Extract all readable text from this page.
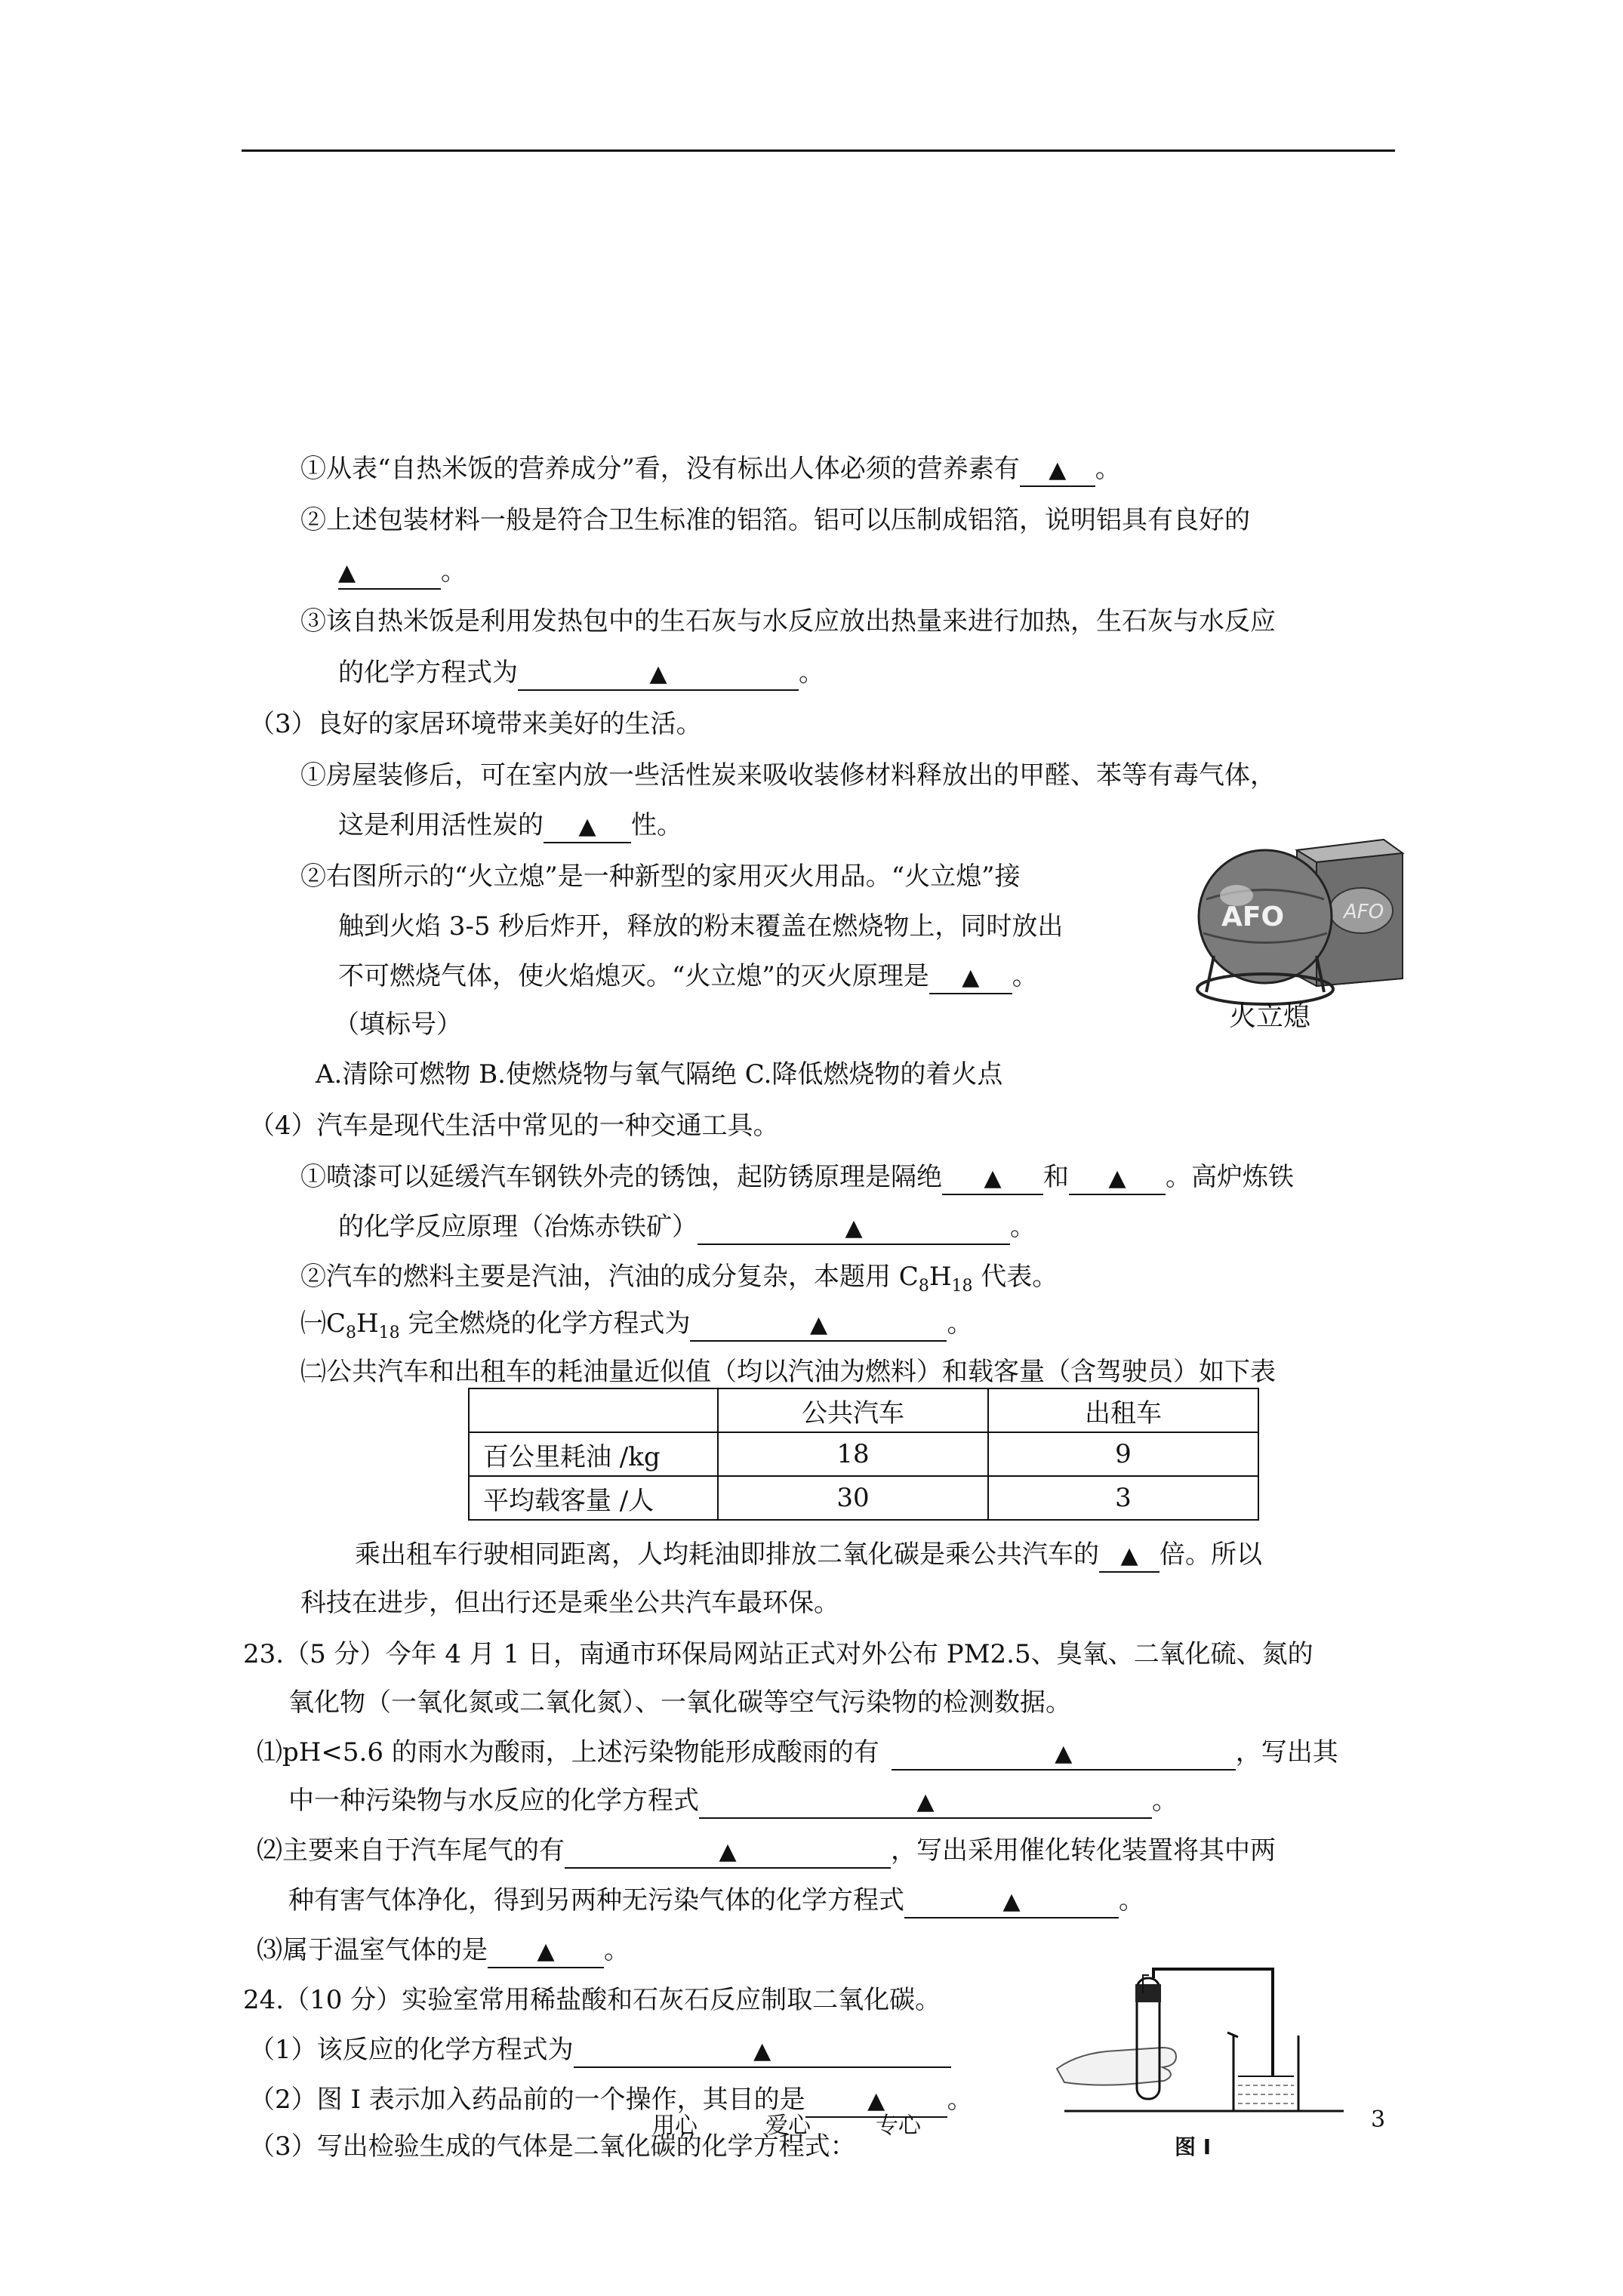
①从表“自热米饭的营养成分”看，没有标出人体必须的营养素有 ▲ 。
②上述包装材料一般是符合卫生标准的铝箔。铝可以压制成铝箔，说明铝具有良好的
▲	。
③该自热米饭是利用发热包中的生石灰与水反应放出热量来进行加热，生石灰与水反应
的化学方程式为	▲	。
（3）良好的家居环境带来美好的生活。
①房屋装修后，可在室内放一些活性炭来吸收装修材料释放出的甲醛、苯等有毒气体，
这是利用活性炭的 ▲ 性。
②右图所示的“火立熄”是一种新型的家用灭火用品。“火立熄”接
触到火焰 3-5 秒后炸开，释放的粉末覆盖在燃烧物上，同时放出
不可燃烧气体，使火焰熄灭。“火立熄”的灭火原理是 ▲ 。
（填标号）
A.清除可燃物 B.使燃烧物与氧气隔绝 C.降低燃烧物的着火点
AFO
AFO
火立熄
（4）汽车是现代生活中常见的一种交通工具。
①喷漆可以延缓汽车钢铁外壳的锈蚀，起防锈原理是隔绝 ▲ 和 ▲ 。高炉炼铁
的化学反应原理（冶炼赤铁矿）	▲	。
②汽车的燃料主要是汽油，汽油的成分复杂，本题用 $C_8H_{18}$ 代表。
$㈠C_8H_{18}$ 完全燃烧的化学方程式为	▲	。
㈡公共汽车和出租车的耗油量近似值（均以汽油为燃料）和载客量（含驾驶员）如下表
	公共汽车	出租车
百公里耗油 /kg	18	9
平均载客量 /人	30	3
乘出租车行驶相同距离，人均耗油即排放二氧化碳是乘公共汽车的 ▲ 倍。所以
科技在进步，但出行还是乘坐公共汽车最环保。
23.（5 分）今年 4 月 1 日，南通市环保局网站正式对外公布 PM2.5、臭氧、二氧化硫、氮的
氧化物（一氧化氮或二氧化氮）、一氧化碳等空气污染物的检测数据。
⑴pH<5.6 的雨水为酸雨，上述污染物能形成酸雨的有	▲	，写出其
中一种污染物与水反应的化学方程式	▲	。
⑵主要来自于汽车尾气的有	▲	，写出采用催化转化装置将其中两
种有害气体净化，得到另两种无污染气体的化学方程式	▲	。
⑶属于温室气体的是 ▲ 。
24.（10 分）实验室常用稀盐酸和石灰石反应制取二氧化碳。
（1）该反应的化学方程式为	▲
（2）图 I 表示加入药品前的一个操作，其目的是	▲ 。
（3）写出检验生成的气体是二氧化碳的化学方程式：	图 I
用心	爱心	专心	3
